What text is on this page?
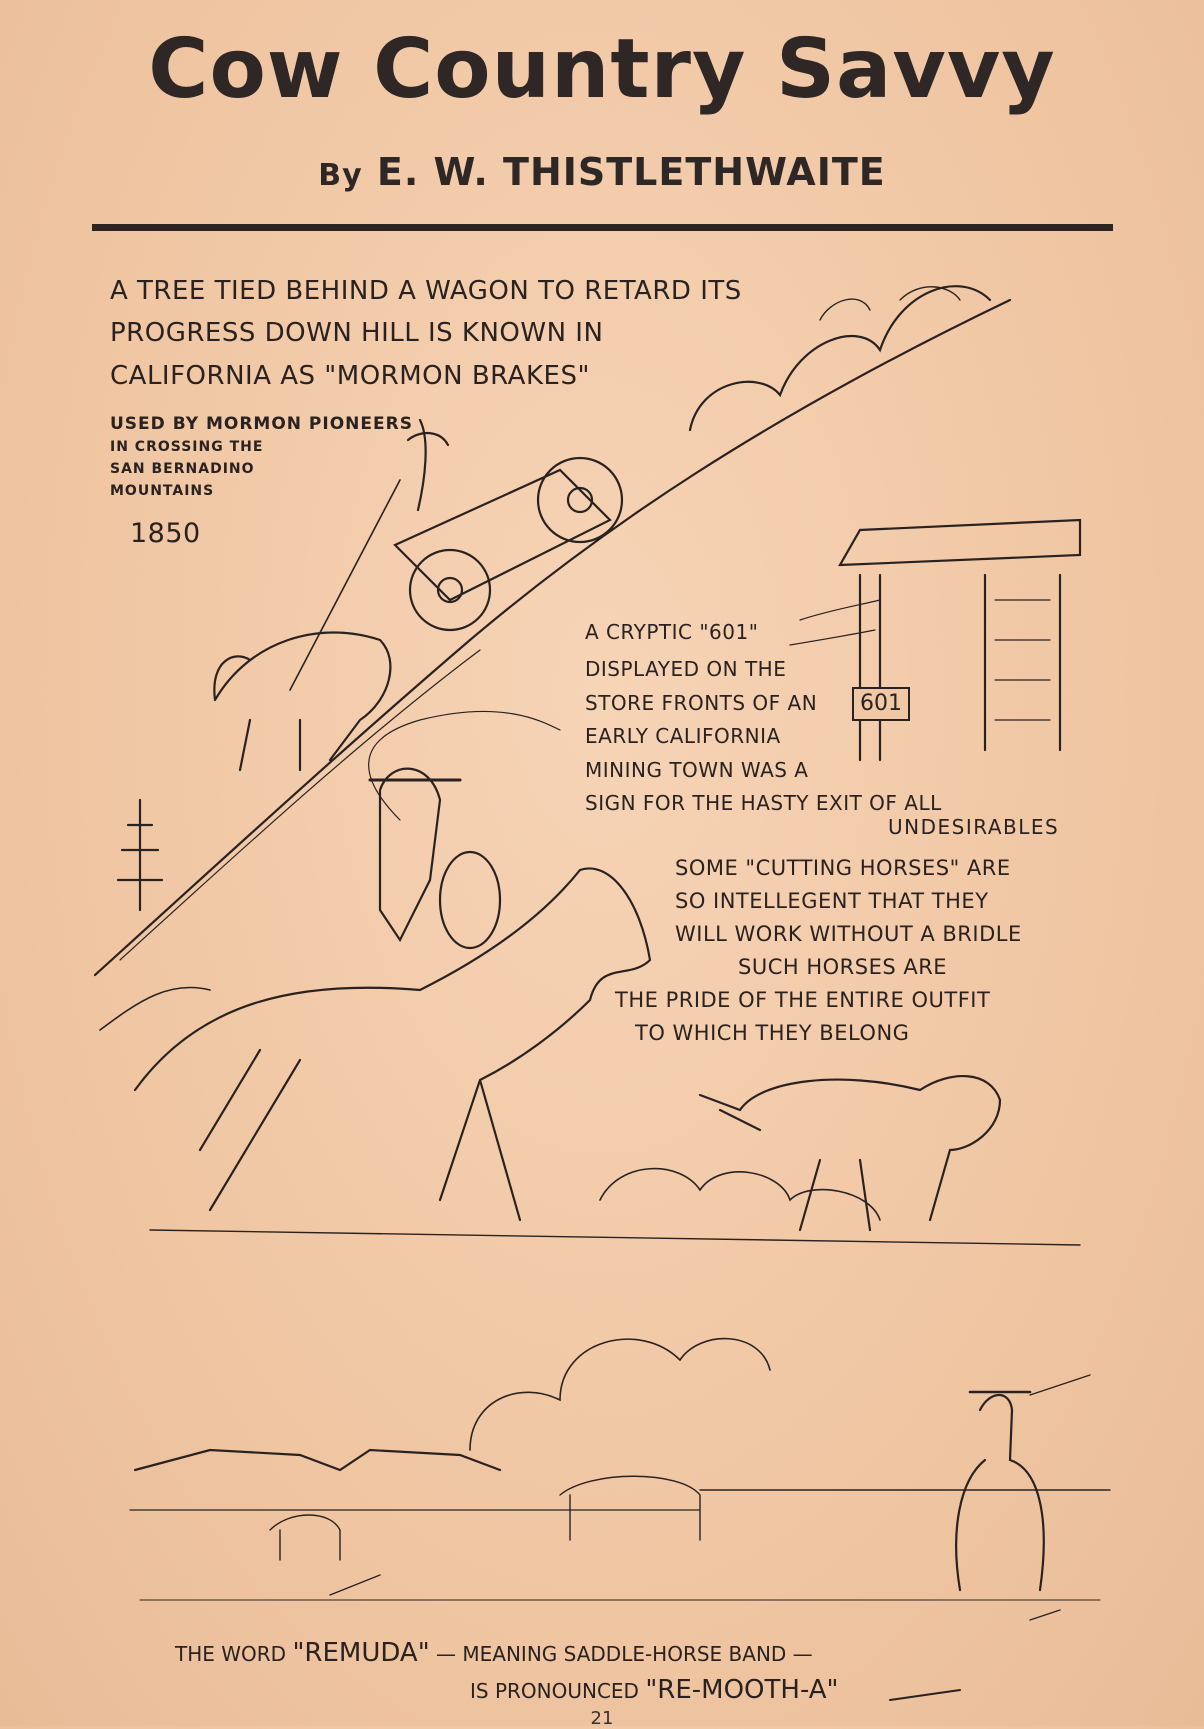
Cow Country Savvy
By E. W. THISTLETHWAITE
A TREE TIED BEHIND A WAGON TO RETARD ITS
PROGRESS DOWN HILL IS KNOWN IN
CALIFORNIA AS "MORMON BRAKES"
USED BY MORMON PIONEERS
IN CROSSING THE
SAN BERNADINO
MOUNTAINS
1850
A CRYPTIC "601"
DISPLAYED ON THE
STORE FRONTS OF AN
EARLY CALIFORNIA
MINING TOWN WAS A
SIGN FOR THE HASTY EXIT OF ALL
UNDESIRABLES
601
SOME "CUTTING HORSES" ARE
SO INTELLEGENT THAT THEY
WILL WORK WITHOUT A BRIDLE
SUCH HORSES ARE
THE PRIDE OF THE ENTIRE OUTFIT
TO WHICH THEY BELONG
THE WORD "REMUDA" — MEANING SADDLE-HORSE BAND —
IS PRONOUNCED "RE-MOOTH-A"
21
